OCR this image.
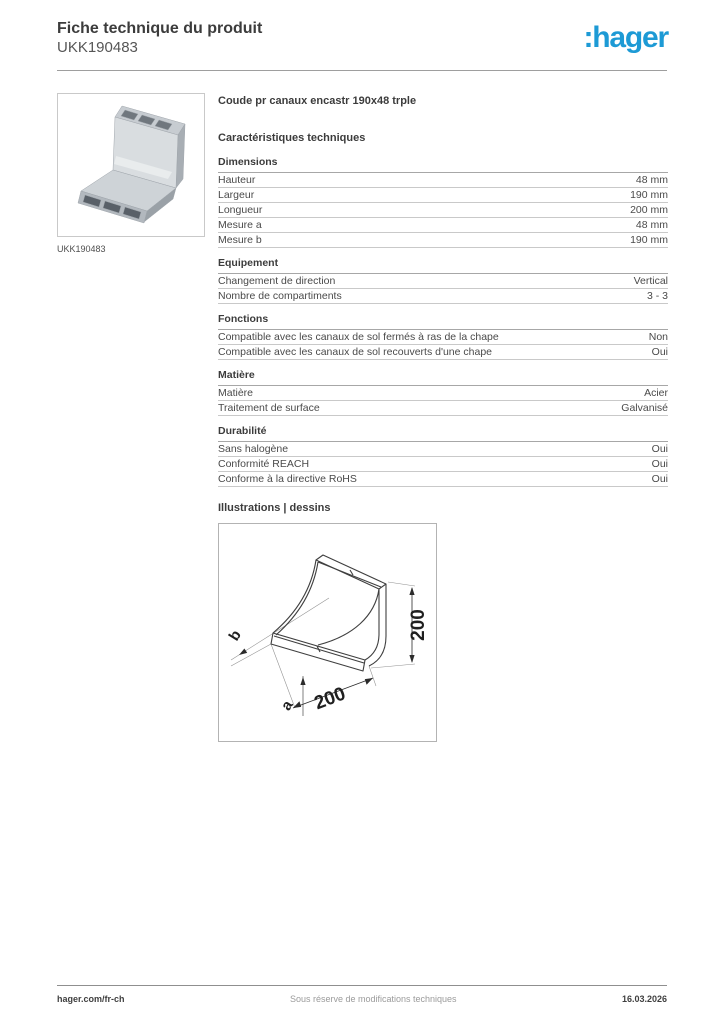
Fiche technique du produit
UKK190483	:hager
UKK190483
Coude pr canaux encastr 190x48 trple
Caractéristiques techniques
Dimensions
Hauteur	48 mm
Largeur	190 mm
Longueur	200 mm
Mesure a	48 mm
Mesure b	190 mm
Equipement
Changement de direction	Vertical
Nombre de compartiments	3 - 3
Fonctions
Compatible avec les canaux de sol fermés à ras de la chape	Non
Compatible avec les canaux de sol recouverts d'une chape	Oui
Matière
Matière	Acier
Traitement de surface	Galvanisé
Durabilité
Sans halogène	Oui
Conformité REACH	Oui
Conforme à la directive RoHS	Oui
Illustrations | dessins
200
200
b
a
hager.com/fr-ch	Sous réserve de modifications techniques	16.03.2026
